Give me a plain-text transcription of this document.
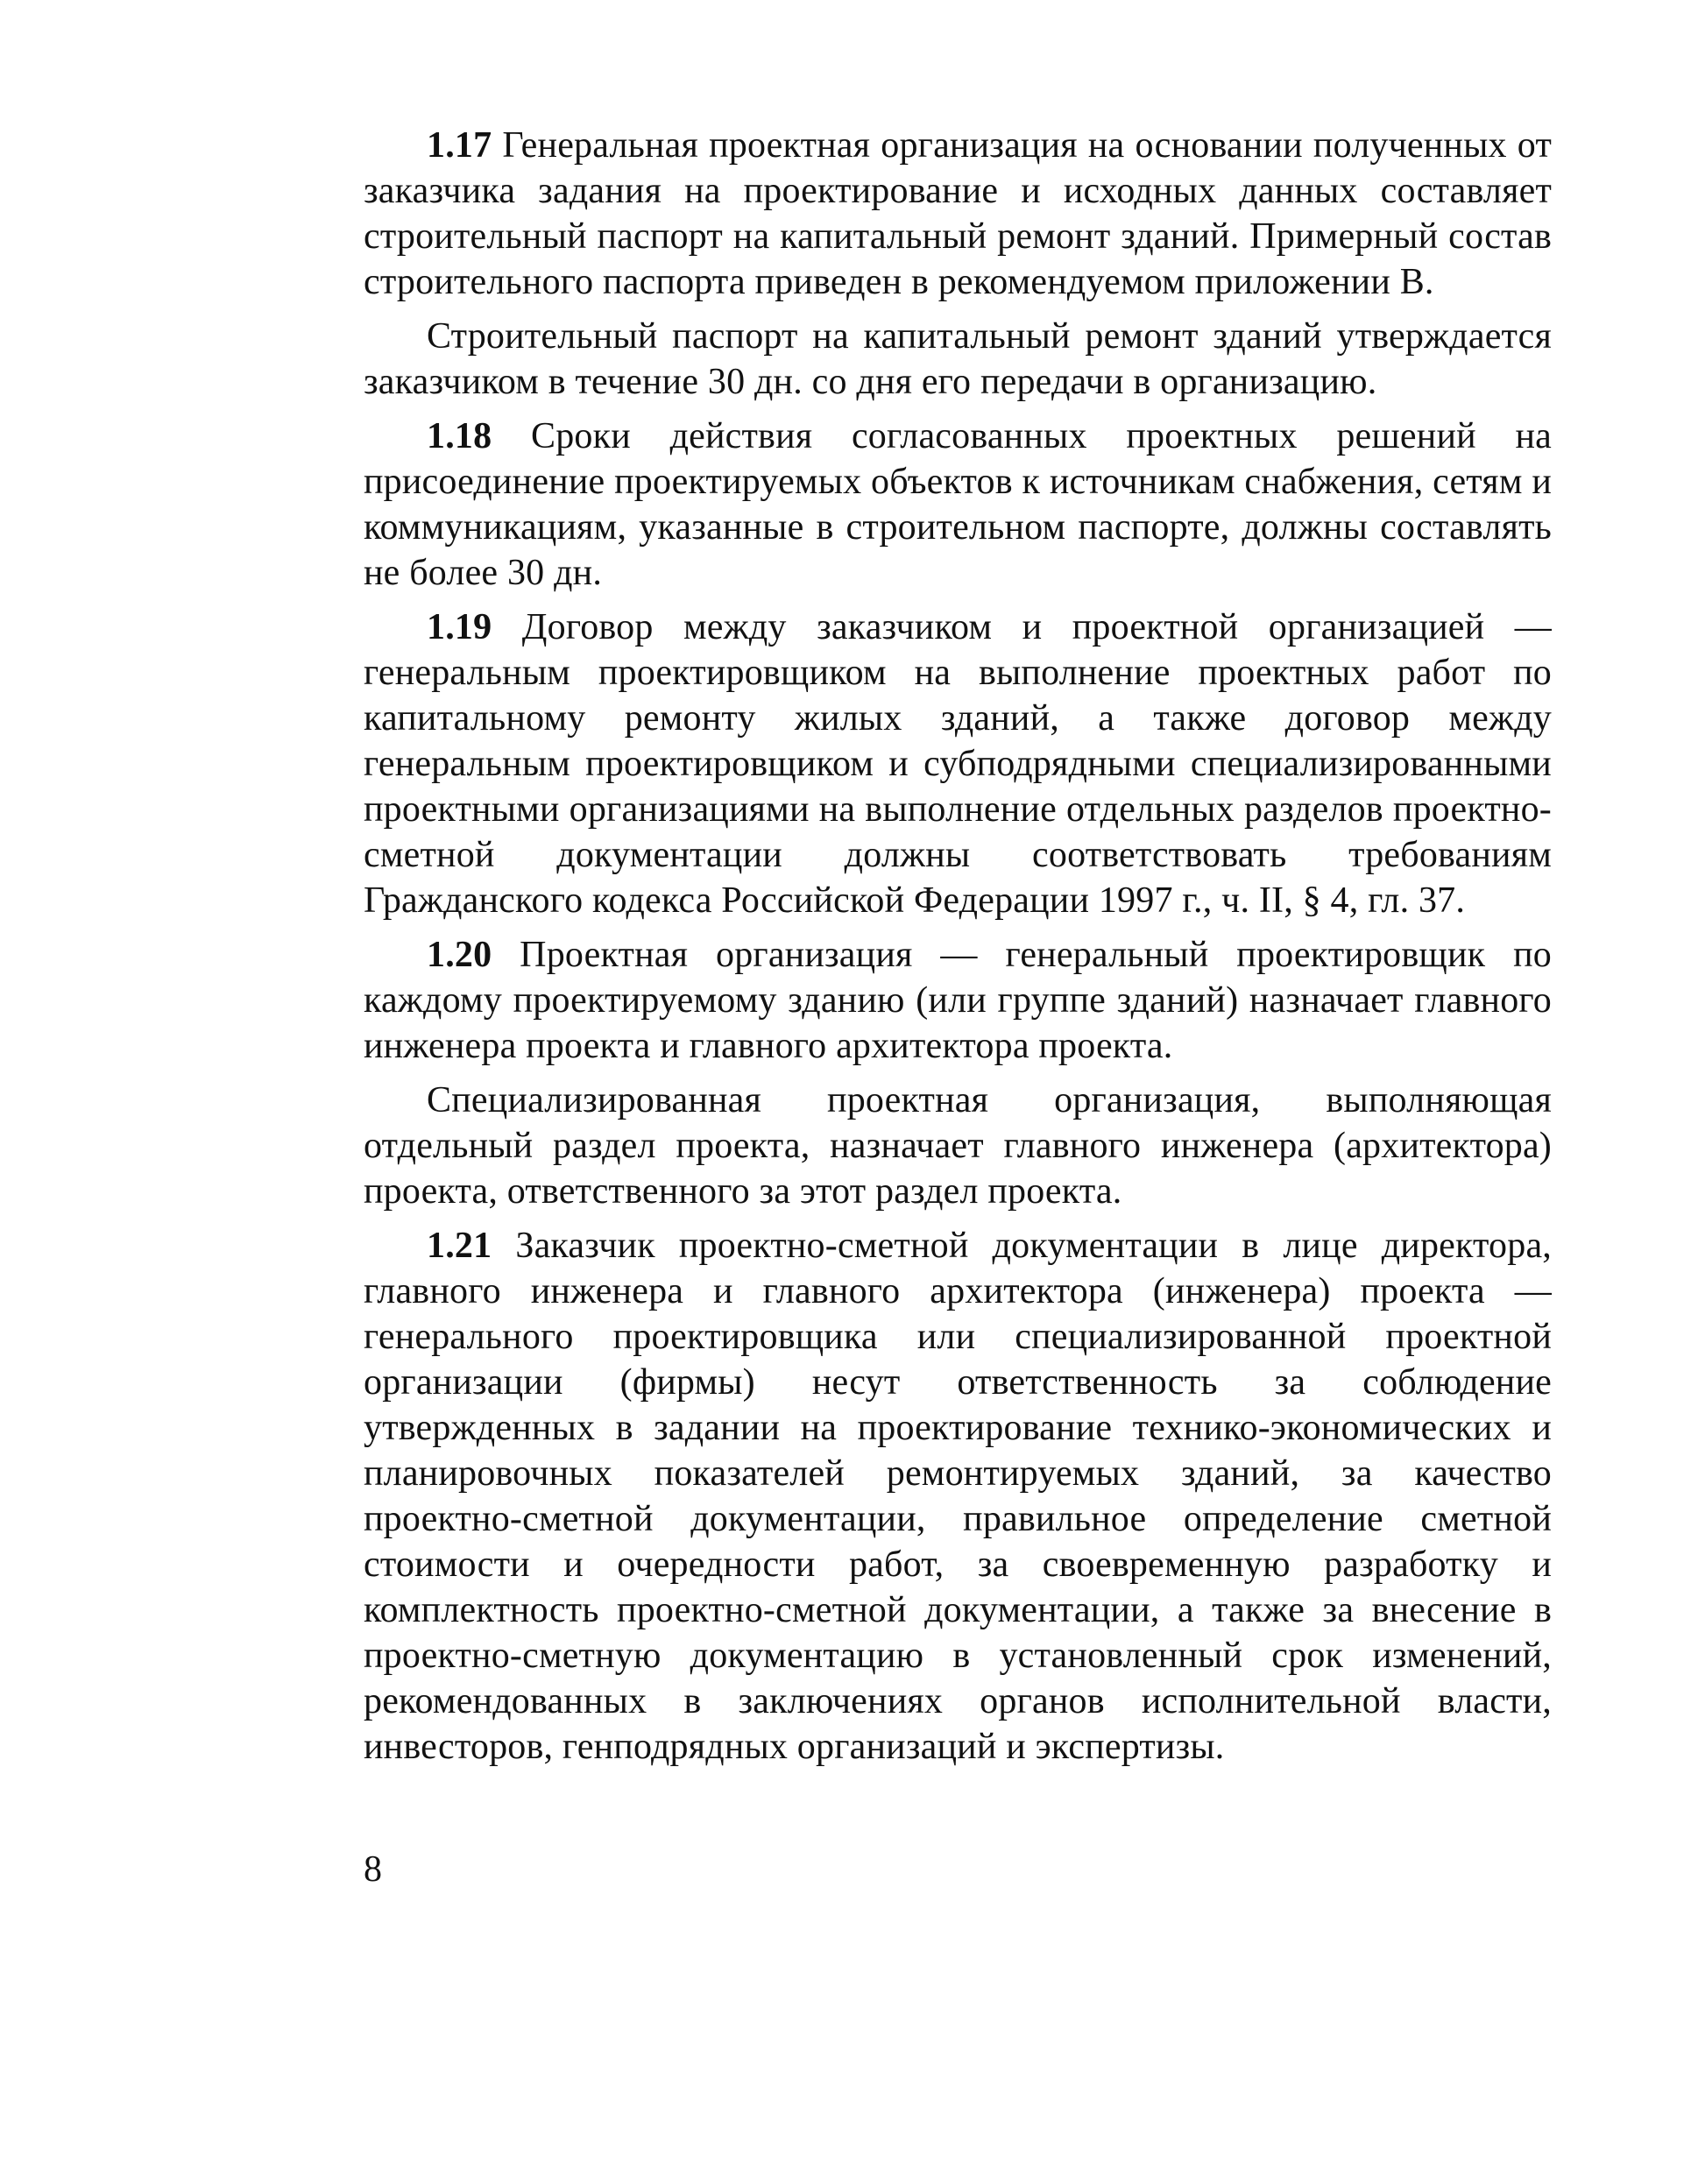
1.17 Генеральная проектная организация на основании полученных от заказчика задания на проектирование и исходных данных составляет строительный паспорт на капитальный ремонт зданий. Примерный состав строительного паспорта приведен в рекомендуемом приложении В.

Строительный паспорт на капитальный ремонт зданий утверждается заказчиком в течение 30 дн. со дня его передачи в организацию.

1.18 Сроки действия согласованных проектных решений на присоединение проектируемых объектов к источникам снабжения, сетям и коммуникациям, указанные в строительном паспорте, должны составлять не более 30 дн.

1.19 Договор между заказчиком и проектной организацией — генеральным проектировщиком на выполнение проектных работ по капитальному ремонту жилых зданий, а также договор между генеральным проектировщиком и субподрядными специализированными проектными организациями на выполнение отдельных разделов проектно-сметной документации должны соответствовать требованиям Гражданского кодекса Российской Федерации 1997 г., ч. II, § 4, гл. 37.

1.20 Проектная организация — генеральный проектировщик по каждому проектируемому зданию (или группе зданий) назначает главного инженера проекта и главного архитектора проекта.

Специализированная проектная организация, выполняющая отдельный раздел проекта, назначает главного инженера (архитектора) проекта, ответственного за этот раздел проекта.

1.21 Заказчик проектно-сметной документации в лице директора, главного инженера и главного архитектора (инженера) проекта — генерального проектировщика или специализированной проектной организации (фирмы) несут ответственность за соблюдение утвержденных в задании на проектирование технико-экономических и планировочных показателей ремонтируемых зданий, за качество проектно-сметной документации, правильное определение сметной стоимости и очередности работ, за своевременную разработку и комплектность проектно-сметной документации, а также за внесение в проектно-сметную документацию в установленный срок изменений, рекомендованных в заключениях органов исполнительной власти, инвесторов, генподрядных организаций и экспертизы.

8
